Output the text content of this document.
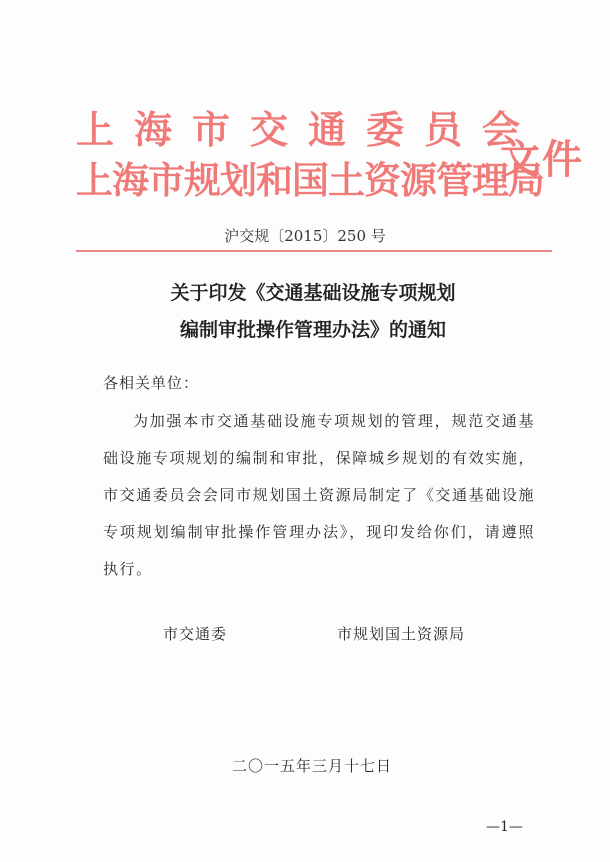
上海市交通委员会
上海市规划和国土资源管理局
文件
沪交规〔2015〕250 号
关于印发《交通基础设施专项规划
编制审批操作管理办法》的通知
各相关单位：
为加强本市交通基础设施专项规划的管理，规范交通基础设施专项规划的编制和审批，保障城乡规划的有效实施，市交通委员会会同市规划国土资源局制定了《交通基础设施专项规划编制审批操作管理办法》，现印发给你们，请遵照执行。
市交通委	市规划国土资源局
二〇一五年三月十七日
—1—
